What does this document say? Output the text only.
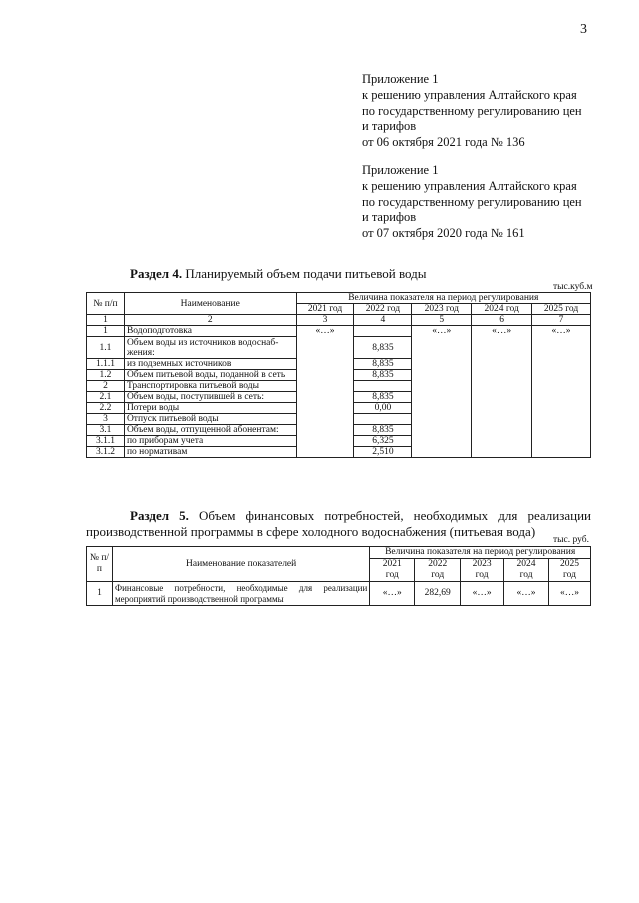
3
Приложение 1
к решению управления Алтайского края
по государственному регулированию цен
и тарифов
от 06 октября 2021 года № 136
Приложение 1
к решению управления Алтайского края
по государственному регулированию цен
и тарифов
от 07 октября 2020 года № 161
Раздел 4. Планируемый объем подачи питьевой воды
тыс.куб.м
№ п/п	Наименование	Величина показателя на период регулирования				
		2021 год	2022 год	2023 год	2024 год	2025 год
1	2	3	4	5	6	7
1	Водоподготовка	«…»		«…»	«…»	«…»
1.1	Объем воды из источников водоснаб-жения:		8,835			
1.1.1	из подземных источников		8,835			
1.2	Объем питьевой воды, поданной в сеть		8,835			
2	Транспортировка питьевой воды					
2.1	Объем воды, поступившей в сеть:		8,835			
2.2	Потери воды		0,00			
3	Отпуск питьевой воды					
3.1	Объем воды, отпущенной абонентам:		8,835			
3.1.1	по приборам учета		6,325			
3.1.2	по нормативам		2,510			
Раздел 5. Объем финансовых потребностей, необходимых для реализации производственной программы в сфере холодного водоснабжения (питьевая вода)
тыс. руб.
№ п/п	Наименование показателей	Величина показателя на период регулирования				
		2021
год	2022
год	2023
год	2024
год	2025
год
1	Финансовые потребности, необходимые для реализации мероприятий производственной программы	«…»	282,69	«…»	«…»	«…»
